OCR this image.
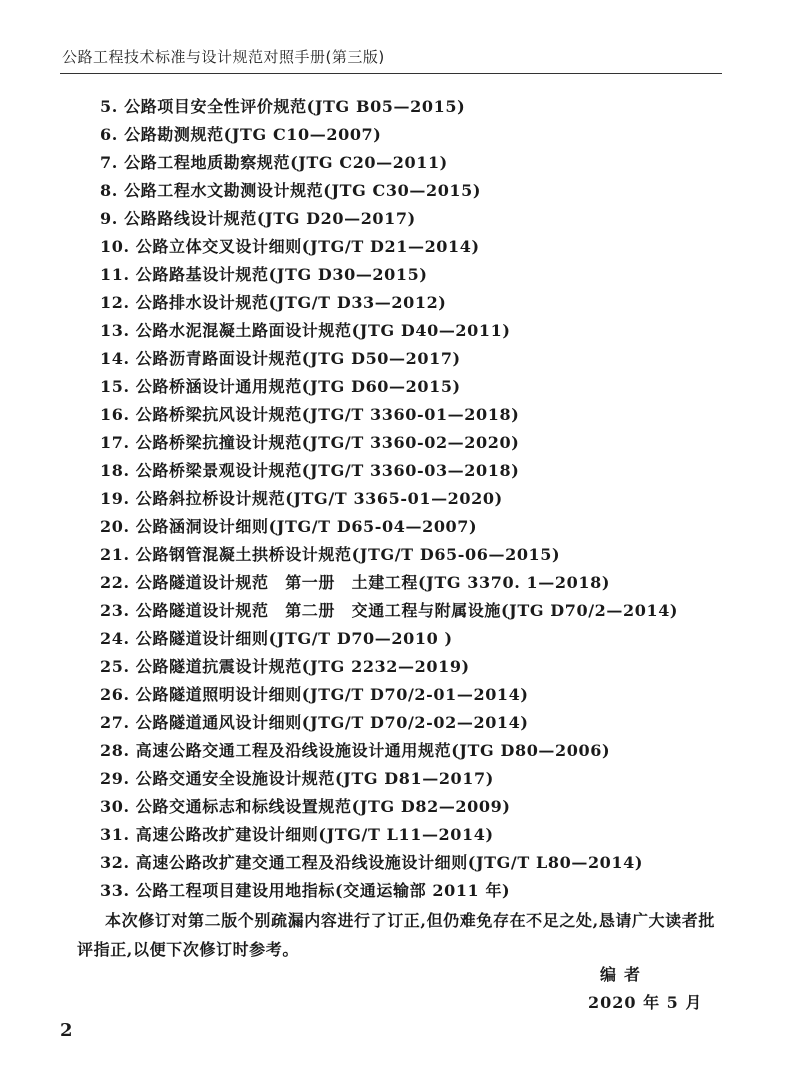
公路工程技术标准与设计规范对照手册(第三版)
5. 公路项目安全性评价规范(JTG B05—2015)
6. 公路勘测规范(JTG C10—2007)
7. 公路工程地质勘察规范(JTG C20—2011)
8. 公路工程水文勘测设计规范(JTG C30—2015)
9. 公路路线设计规范(JTG D20—2017)
10. 公路立体交叉设计细则(JTG/T D21—2014)
11. 公路路基设计规范(JTG D30—2015)
12. 公路排水设计规范(JTG/T D33—2012)
13. 公路水泥混凝土路面设计规范(JTG D40—2011)
14. 公路沥青路面设计规范(JTG D50—2017)
15. 公路桥涵设计通用规范(JTG D60—2015)
16. 公路桥梁抗风设计规范(JTG/T 3360-01—2018)
17. 公路桥梁抗撞设计规范(JTG/T 3360-02—2020)
18. 公路桥梁景观设计规范(JTG/T 3360-03—2018)
19. 公路斜拉桥设计规范(JTG/T 3365-01—2020)
20. 公路涵洞设计细则(JTG/T D65-04—2007)
21. 公路钢管混凝土拱桥设计规范(JTG/T D65-06—2015)
22. 公路隧道设计规范　第一册　土建工程(JTG 3370. 1—2018)
23. 公路隧道设计规范　第二册　交通工程与附属设施(JTG D70/2—2014)
24. 公路隧道设计细则(JTG/T D70—2010 )
25. 公路隧道抗震设计规范(JTG 2232—2019)
26. 公路隧道照明设计细则(JTG/T D70/2-01—2014)
27. 公路隧道通风设计细则(JTG/T D70/2-02—2014)
28. 高速公路交通工程及沿线设施设计通用规范(JTG D80—2006)
29. 公路交通安全设施设计规范(JTG D81—2017)
30. 公路交通标志和标线设置规范(JTG D82—2009)
31. 高速公路改扩建设计细则(JTG/T L11—2014)
32. 高速公路改扩建交通工程及沿线设施设计细则(JTG/T L80—2014)
33. 公路工程项目建设用地指标(交通运输部 2011 年)

本次修订对第二版个别疏漏内容进行了订正,但仍难免存在不足之处,恳请广大读者批评指正,以便下次修订时参考。

编者
2020 年 5 月
2
